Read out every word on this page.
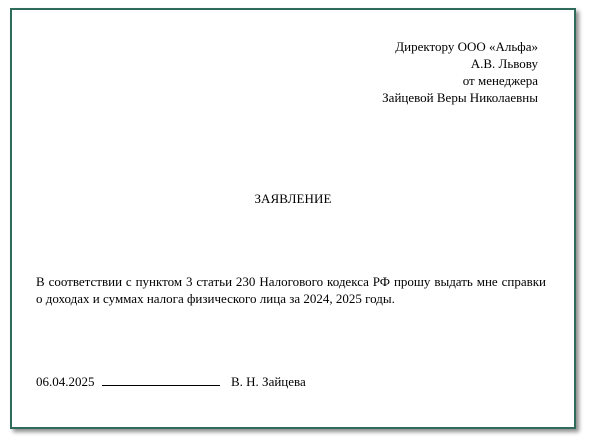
Директору ООО «Альфа»
А.В. Львову
от менеджера
Зайцевой Веры Николаевны
ЗАЯВЛЕНИЕ
В соответствии с пунктом 3 статьи 230 Налогового кодекса РФ прошу выдать мне справки о доходах и суммах налога физического лица за 2024, 2025 годы.
06.04.2025	В. Н. Зайцева
